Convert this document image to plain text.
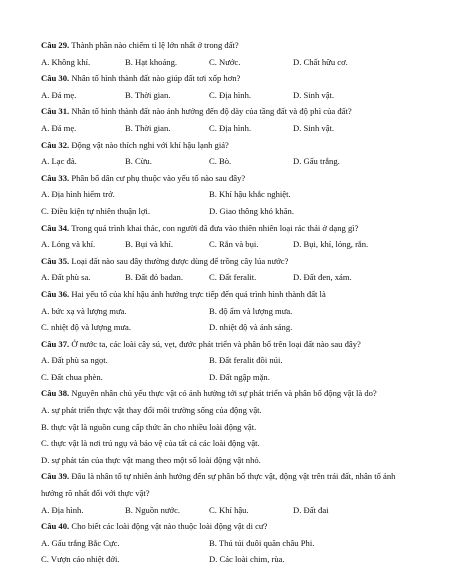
Câu 29. Thành phần nào chiếm tỉ lệ lớn nhất ở trong đất?
A. Không khí.	B. Hạt khoáng.	C. Nước.	D. Chất hữu cơ.
Câu 30. Nhân tố hình thành đất nào giúp đất tơi xốp hơn?
A. Đá mẹ.	B. Thời gian.	C. Địa hình.	D. Sinh vật.
Câu 31. Nhân tố hình thành đất nào ảnh hưởng đến độ dày của tầng đất và độ phì của đất?
A. Đá mẹ.	B. Thời gian.	C. Địa hình.	D. Sinh vật.
Câu 32. Động vật nào thích nghi với khí hậu lạnh giá?
A. Lạc đà.	B. Cừu.	C. Bò.	D. Gấu trắng.
Câu 33. Phân bố dân cư phụ thuộc vào yếu tố nào sau đây?
A. Địa hình hiểm trở.	B. Khí hậu khắc nghiệt.
C. Điều kiện tự nhiên thuận lợi.	D. Giao thông khó khăn.
Câu 34. Trong quá trình khai thác, con người đã đưa vào thiên nhiên loại rác thải ở dạng gì?
A. Lỏng và khí.	B. Bụi và khí.	C. Rắn và bụi.	D. Bụi, khí, lỏng, rắn.
Câu 35. Loại đất nào sau đây thường được dùng để trồng cây lúa nước?
A. Đất phù sa.	B. Đất đỏ badan.	C. Đất feralit.	D. Đất đen, xám.
Câu 36. Hai yếu tố của khí hậu ảnh hưởng trực tiếp đến quá trình hình thành đất là
A. bức xạ và lượng mưa.	B. độ ẩm và lượng mưa.
C. nhiệt độ và lượng mưa.	D. nhiệt độ và ánh sáng.
Câu 37. Ở nước ta, các loài cây sú, vẹt, đước phát triển và phân bố trên loại đất nào sau đây?
A. Đất phù sa ngọt.	B. Đất feralit đồi núi.
C. Đất chua phèn.	D. Đất ngập mặn.
Câu 38. Nguyên nhân chủ yếu thực vật có ảnh hưởng tới sự phát triển và phân bố động vật là do?
A. sự phát triển thực vật thay đổi môi trường sống của động vật.
B. thực vật là nguồn cung cấp thức ăn cho nhiều loài động vật.
C. thực vật là nơi trú ngụ và bảo vệ của tất cả các loài động vật.
D. sự phát tán của thực vật mang theo một số loài động vật nhỏ.
Câu 39. Đâu là nhân tố tự nhiên ảnh hưởng đến sự phân bố thực vật, động vật trên trái đất, nhân tố ảnh hưởng rõ nhất đối với thực vật?
A. Địa hình.	B. Nguồn nước.	C. Khí hậu.	D. Đất đai
Câu 40. Cho biết các loài động vật nào thuộc loài động vật di cư?
A. Gấu trắng Bắc Cực.	B. Thú túi đuôi quăn châu Phi.
C. Vượn cáo nhiệt đới.	D. Các loài chim, rùa.
